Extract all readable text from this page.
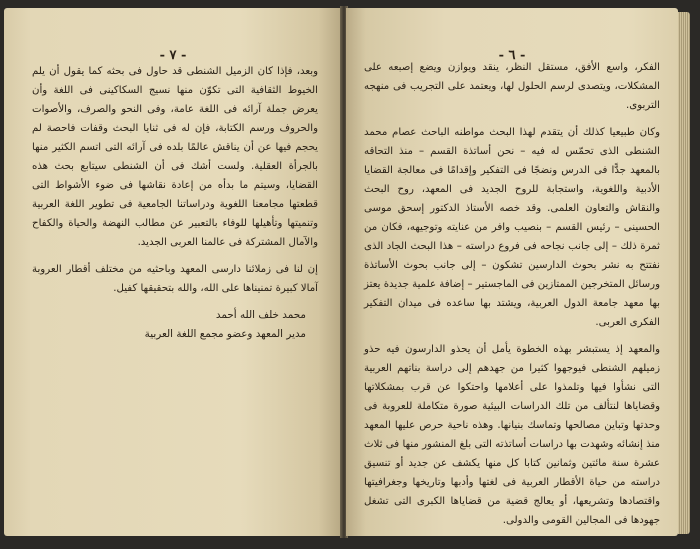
- ٧ -

وبعد، فإذا كان الزميل الشنطى قد حاول فى بحثه كما يقول أن يلم الخيوط الثقافية التى تكوّن منها نسيج السكاكينى فى اللغة وأن يعرض جملة آرائه فى اللغة عامة، وفى النحو والصرف، والأصوات والحروف ورسم الكتابة، فإن له فى ثنايا البحث وقفات فاحصة لم يحجم فيها عن أن يناقش عالمًا بلده فى آرائه التى اتسم الكثير منها بالجرأة العقلية. ولست أشك فى أن الشنطى سيتابع بحث هذه القضايا، وسيتم ما بدأه من إعادة نقاشها فى ضوء الأشواط التى قطعتها مجامعنا اللغوية ودراساتنا الجامعية فى تطوير اللغة العربية وتنميتها وتأهيلها للوفاء بالتعبير عن مطالب النهضة والحياة والكفاح والآمال المشتركة فى عالمنا العربى الجديد.

إن لنا فى زملائنا دارسى المعهد وباحثيه من مختلف أقطار العروبة آمالا كبيرة تمنيناها على الله، والله بتحقيقها كفيل.

محمد خلف الله أحمد
مدير المعهد وعضو مجمع اللغة العربية
- ٦ -

الفكر، واسع الأفق، مستقل النظر، ينقد ويوازن ويضع إصبعه على المشكلات، ويتصدى لرسم الحلول لها، ويعتمد على التجريب فى منهجه التربوى.

وكان طبيعيا كذلك أن يتقدم لهذا البحث مواطنه الباحث عصام محمد الشنطى الذى تحمّس له فيه – نحن أساتذة القسم – منذ التحاقه بالمعهد جدًّا فى الدرس ونضجًا فى التفكير وإقدامًا فى معالجة القضايا الأدبية واللغوية، واستجابة للروح الجديد فى المعهد، روح البحث والنقاش والتعاون العلمى. وقد خصه الأستاذ الدكتور إسحق موسى الحسينى – رئيس القسم – بنصيب وافر من عنايته وتوجيهه، فكان من ثمرة ذلك – إلى جانب نجاحه فى فروع دراسته – هذا البحث الجاد الذى نفتتح به نشر بحوث الدارسين تشكون – إلى جانب بحوث الأساتذة ورسائل المتخرجين الممتازين فى الماجستير – إضافة علمية جديدة يعتز بها معهد جامعة الدول العربية، ويشتد بها ساعده فى ميدان التفكير الفكرى العربى.

والمعهد إذ يستبشر بهذه الخطوة يأمل أن يحذو الدارسون فيه حذو زميلهم الشنطى فيوجهوا كثيرا من جهدهم إلى دراسة بناتهم العربية التى نشأوا فيها وتلمذوا على أعلامها واحتكوا عن قرب بمشكلاتها وقضاياها لنتألف من تلك الدراسات البيئية صورة متكاملة للعروبة فى وحدتها وتباين مصالحها وتماسك بنيانها. وهذه ناحية حرص عليها المعهد منذ إنشائه وشهدت بها دراسات أساتذته التى بلغ المنشور منها فى ثلاث عشرة سنة مائتين وثمانين كتابا كل منها يكشف عن جديد أو تنسيق دراسته من حياة الأقطار العربية فى لغتها وأدبها وتاريخها وجغرافيتها واقتصادها وتشريعها، أو يعالج قضية من قضاياها الكبرى التى تشغل جهودها فى المجالين القومى والدولى.
